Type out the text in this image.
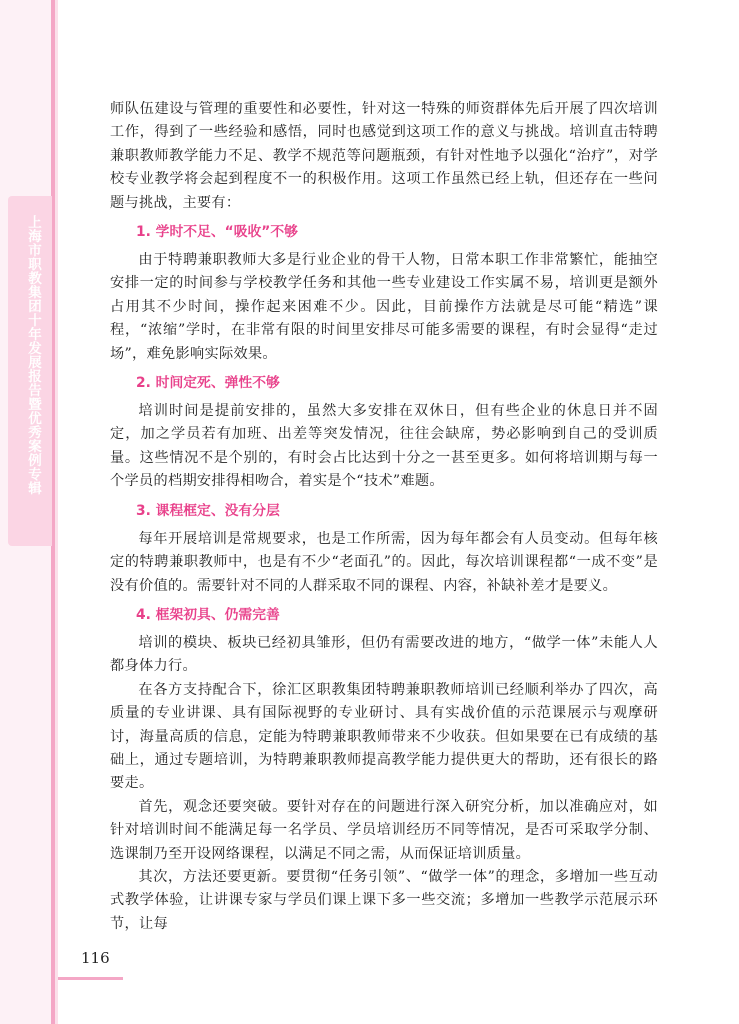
上海市职教集团十年发展报告暨优秀案例专辑

师队伍建设与管理的重要性和必要性，针对这一特殊的师资群体先后开展了四次培训工作，得到了一些经验和感悟，同时也感觉到这项工作的意义与挑战。培训直击特聘兼职教师教学能力不足、教学不规范等问题瓶颈，有针对性地予以强化“治疗”，对学校专业教学将会起到程度不一的积极作用。这项工作虽然已经上轨，但还存在一些问题与挑战，主要有：

1. 学时不足、“吸收”不够

由于特聘兼职教师大多是行业企业的骨干人物，日常本职工作非常繁忙，能抽空安排一定的时间参与学校教学任务和其他一些专业建设工作实属不易，培训更是额外占用其不少时间，操作起来困难不少。因此，目前操作方法就是尽可能“精选”课程，“浓缩”学时，在非常有限的时间里安排尽可能多需要的课程，有时会显得“走过场”，难免影响实际效果。

2. 时间定死、弹性不够

培训时间是提前安排的，虽然大多安排在双休日，但有些企业的休息日并不固定，加之学员若有加班、出差等突发情况，往往会缺席，势必影响到自己的受训质量。这些情况不是个别的，有时会占比达到十分之一甚至更多。如何将培训期与每一个学员的档期安排得相吻合，着实是个“技术”难题。

3. 课程框定、没有分层

每年开展培训是常规要求，也是工作所需，因为每年都会有人员变动。但每年核定的特聘兼职教师中，也是有不少“老面孔”的。因此，每次培训课程都“一成不变”是没有价值的。需要针对不同的人群采取不同的课程、内容，补缺补差才是要义。

4. 框架初具、仍需完善

培训的模块、板块已经初具雏形，但仍有需要改进的地方，“做学一体”未能人人都身体力行。

在各方支持配合下，徐汇区职教集团特聘兼职教师培训已经顺利举办了四次，高质量的专业讲课、具有国际视野的专业研讨、具有实战价值的示范课展示与观摩研讨，海量高质的信息，定能为特聘兼职教师带来不少收获。但如果要在已有成绩的基础上，通过专题培训，为特聘兼职教师提高教学能力提供更大的帮助，还有很长的路要走。

首先，观念还要突破。要针对存在的问题进行深入研究分析，加以准确应对，如针对培训时间不能满足每一名学员、学员培训经历不同等情况，是否可采取学分制、选课制乃至开设网络课程，以满足不同之需，从而保证培训质量。

其次，方法还要更新。要贯彻“任务引领”、“做学一体”的理念，多增加一些互动式教学体验，让讲课专家与学员们课上课下多一些交流；多增加一些教学示范展示环节，让每

116
